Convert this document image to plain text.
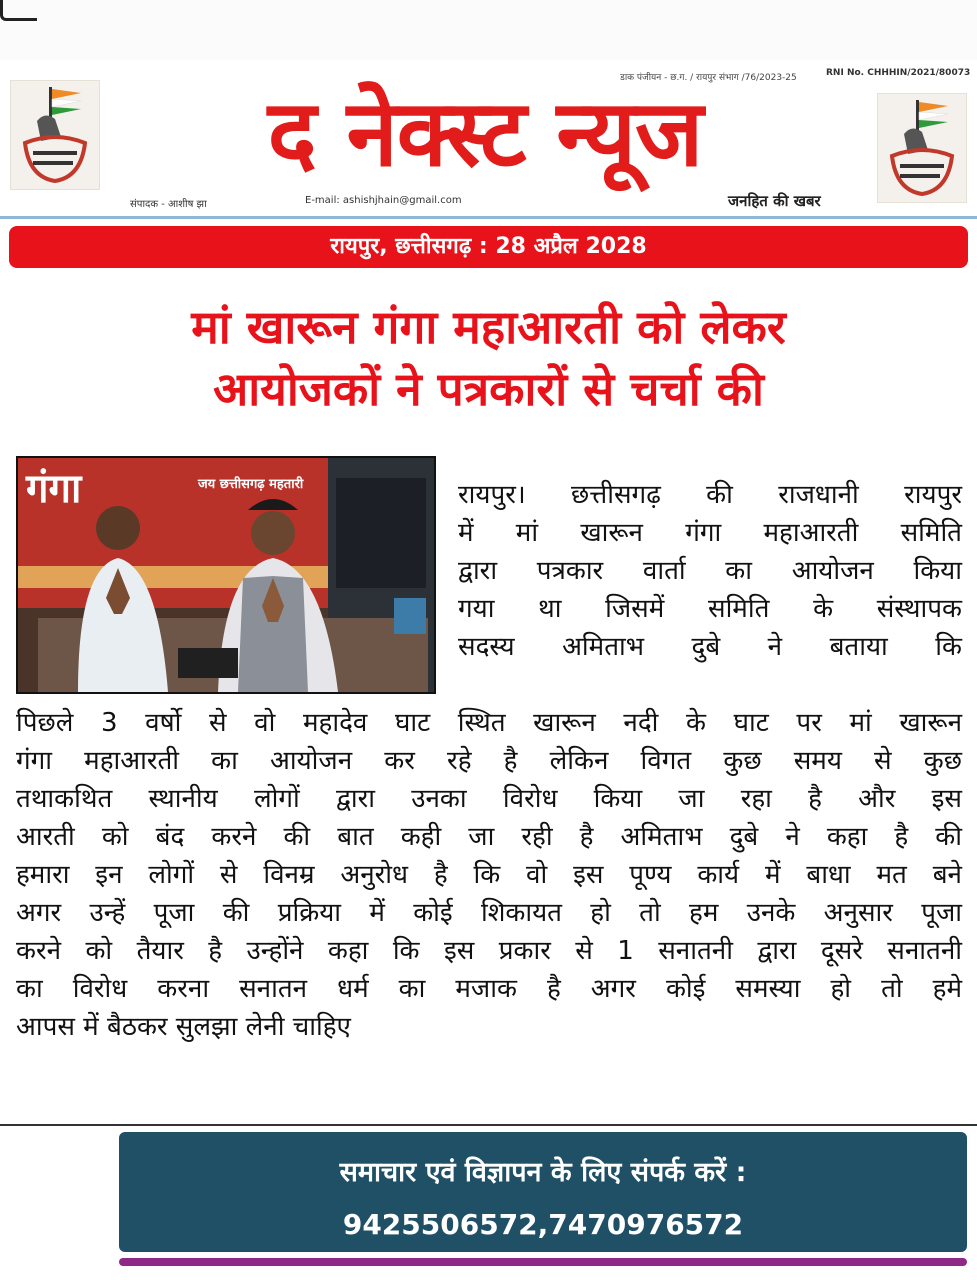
डाक पंजीयन - छ.ग. / रायपुर संभाग /76/2023-25	RNI No. CHHHIN/2021/80073
द नेक्स्ट न्यूज
संपादक - आशीष झा	E-mail: ashishjhain@gmail.com	जनहित की खबर
रायपुर, छत्तीसगढ़ : 28 अप्रैल 2028
मां खारून गंगा महाआरती को लेकर
आयोजकों ने पत्रकारों से चर्चा की
गंगा	जय छत्तीसगढ़ महतारी	रायपुर। छत्तीसगढ़ की राजधानी रायपुर

में मां खारून गंगा महाआरती समिति

द्वारा पत्रकार वार्ता का आयोजन किया

गया था जिसमें समिति के संस्थापक

सदस्य अमिताभ दुबे ने बताया कि

पिछले 3 वर्षो से वो महादेव घाट स्थित खारून नदी के घाट पर मां खारून

गंगा महाआरती का आयोजन कर रहे है लेकिन विगत कुछ समय से कुछ

तथाकथित स्थानीय लोगों द्वारा उनका विरोध किया जा रहा है और इस

आरती को बंद करने की बात कही जा रही है अमिताभ दुबे ने कहा है की

हमारा इन लोगों से विनम्र अनुरोध है कि वो इस पूण्य कार्य में बाधा मत बने

अगर उन्हें पूजा की प्रक्रिया में कोई शिकायत हो तो हम उनके अनुसार पूजा

करने को तैयार है उन्होंने कहा कि इस प्रकार से 1 सनातनी द्वारा दूसरे सनातनी

का विरोध करना सनातन धर्म का मजाक है अगर कोई समस्या हो तो हमे

आपस में बैठकर सुलझा लेनी चाहिए

समाचार एवं विज्ञापन के लिए संपर्क करें :
9425506572,7470976572
